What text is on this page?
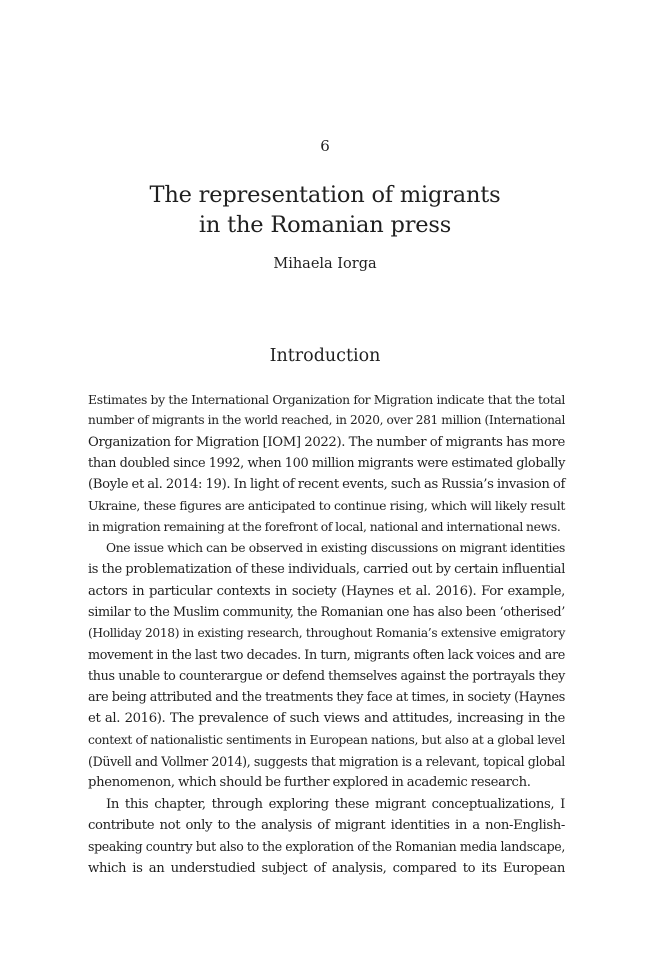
6
The representation of migrants
in the Romanian press
Mihaela Iorga
Introduction
Estimates by the International Organization for Migration indicate that the total
number of migrants in the world reached, in 2020, over 281 million (International
Organization for Migration [IOM] 2022). The number of migrants has more
than doubled since 1992, when 100 million migrants were estimated globally
(Boyle et al. 2014: 19). In light of recent events, such as Russia’s invasion of
Ukraine, these figures are anticipated to continue rising, which will likely result
in migration remaining at the forefront of local, national and international news.
One issue which can be observed in existing discussions on migrant identities
is the problematization of these individuals, carried out by certain influential
actors in particular contexts in society (Haynes et al. 2016). For example,
similar to the Muslim community, the Romanian one has also been ‘otherised’
(Holliday 2018) in existing research, throughout Romania’s extensive emigratory
movement in the last two decades. In turn, migrants often lack voices and are
thus unable to counterargue or defend themselves against the portrayals they
are being attributed and the treatments they face at times, in society (Haynes
et al. 2016). The prevalence of such views and attitudes, increasing in the
context of nationalistic sentiments in European nations, but also at a global level
(Düvell and Vollmer 2014), suggests that migration is a relevant, topical global
phenomenon, which should be further explored in academic research.
In this chapter, through exploring these migrant conceptualizations, I
contribute not only to the analysis of migrant identities in a non-English-
speaking country but also to the exploration of the Romanian media landscape,
which is an understudied subject of analysis, compared to its European
